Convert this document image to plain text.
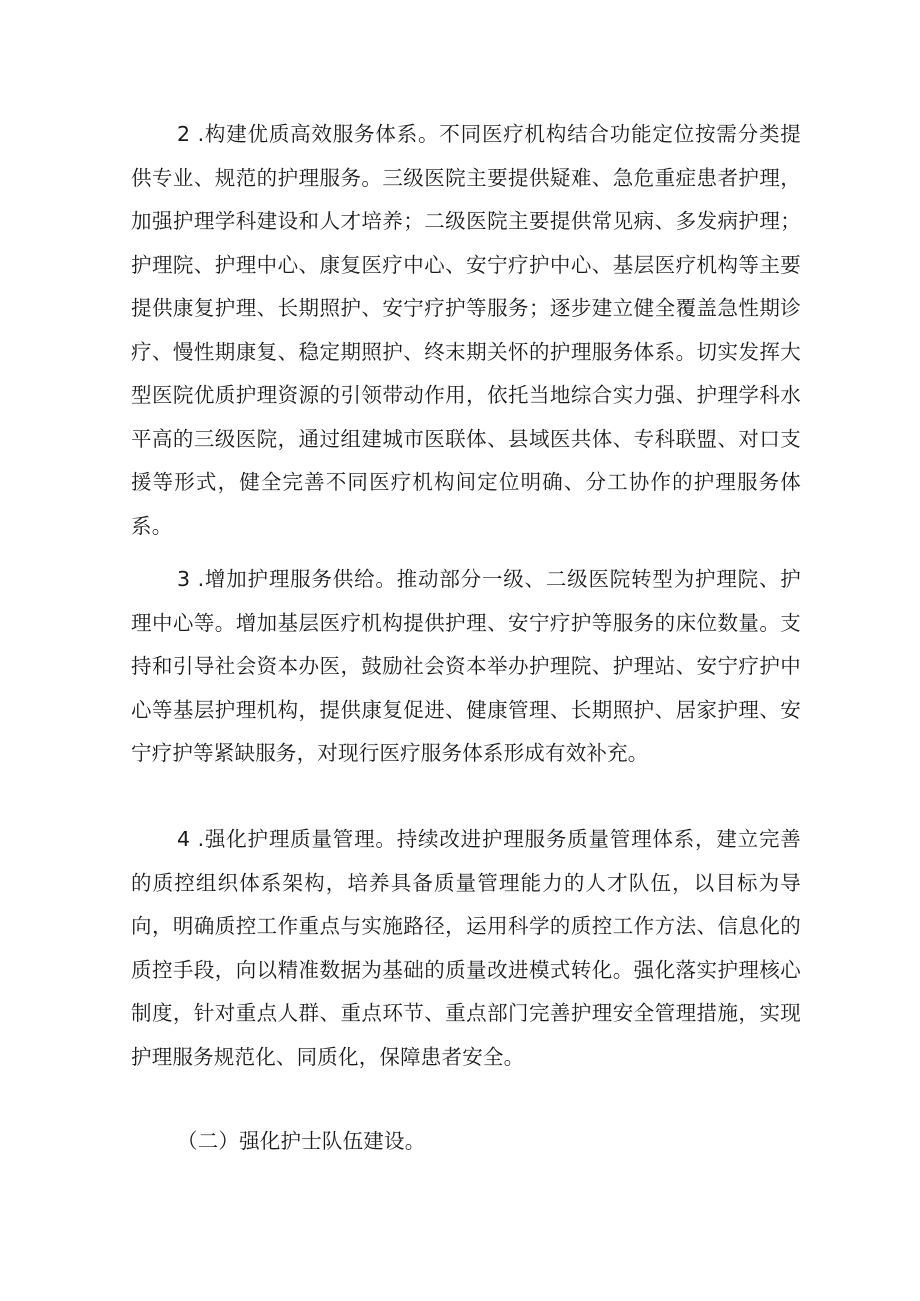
2 .构建优质高效服务体系。不同医疗机构结合功能定位按需分类提供专业、规范的护理服务。三级医院主要提供疑难、急危重症患者护理，加强护理学科建设和人才培养；二级医院主要提供常见病、多发病护理；护理院、护理中心、康复医疗中心、安宁疗护中心、基层医疗机构等主要提供康复护理、长期照护、安宁疗护等服务；逐步建立健全覆盖急性期诊疗、慢性期康复、稳定期照护、终末期关怀的护理服务体系。切实发挥大型医院优质护理资源的引领带动作用，依托当地综合实力强、护理学科水平高的三级医院，通过组建城市医联体、县域医共体、专科联盟、对口支援等形式，健全完善不同医疗机构间定位明确、分工协作的护理服务体系。

3 .增加护理服务供给。推动部分一级、二级医院转型为护理院、护理中心等。增加基层医疗机构提供护理、安宁疗护等服务的床位数量。支持和引导社会资本办医，鼓励社会资本举办护理院、护理站、安宁疗护中心等基层护理机构，提供康复促进、健康管理、长期照护、居家护理、安宁疗护等紧缺服务，对现行医疗服务体系形成有效补充。

4 .强化护理质量管理。持续改进护理服务质量管理体系，建立完善的质控组织体系架构，培养具备质量管理能力的人才队伍，以目标为导向，明确质控工作重点与实施路径，运用科学的质控工作方法、信息化的质控手段，向以精准数据为基础的质量改进模式转化。强化落实护理核心制度，针对重点人群、重点环节、重点部门完善护理安全管理措施，实现护理服务规范化、同质化，保障患者安全。

（二）强化护士队伍建设。
